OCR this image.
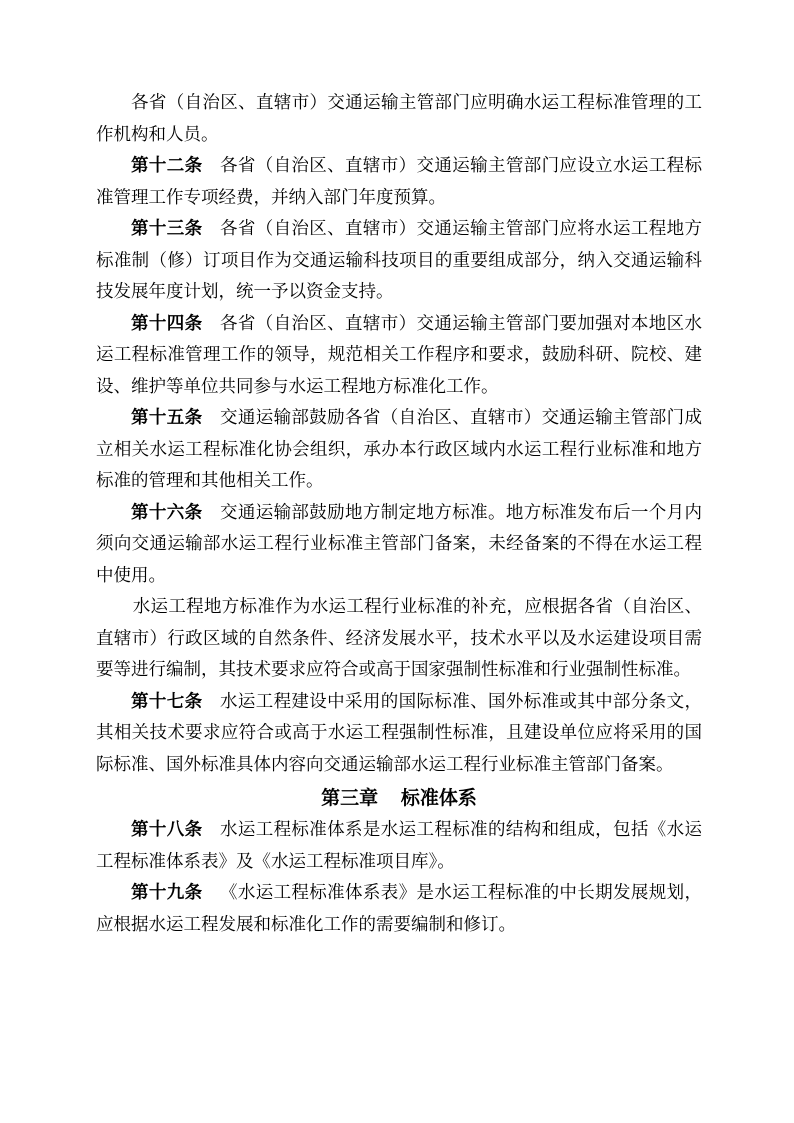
各省（自治区、直辖市）交通运输主管部门应明确水运工程标准管理的工作机构和人员。

第十二条 各省（自治区、直辖市）交通运输主管部门应设立水运工程标准管理工作专项经费，并纳入部门年度预算。

第十三条 各省（自治区、直辖市）交通运输主管部门应将水运工程地方标准制（修）订项目作为交通运输科技项目的重要组成部分，纳入交通运输科技发展年度计划，统一予以资金支持。

第十四条 各省（自治区、直辖市）交通运输主管部门要加强对本地区水运工程标准管理工作的领导，规范相关工作程序和要求，鼓励科研、院校、建设、维护等单位共同参与水运工程地方标准化工作。

第十五条 交通运输部鼓励各省（自治区、直辖市）交通运输主管部门成立相关水运工程标准化协会组织，承办本行政区域内水运工程行业标准和地方标准的管理和其他相关工作。

第十六条 交通运输部鼓励地方制定地方标准。地方标准发布后一个月内须向交通运输部水运工程行业标准主管部门备案，未经备案的不得在水运工程中使用。

水运工程地方标准作为水运工程行业标准的补充，应根据各省（自治区、直辖市）行政区域的自然条件、经济发展水平，技术水平以及水运建设项目需要等进行编制，其技术要求应符合或高于国家强制性标准和行业强制性标准。

第十七条 水运工程建设中采用的国际标准、国外标准或其中部分条文，其相关技术要求应符合或高于水运工程强制性标准，且建设单位应将采用的国际标准、国外标准具体内容向交通运输部水运工程行业标准主管部门备案。

第三章 标准体系

第十八条 水运工程标准体系是水运工程标准的结构和组成，包括《水运工程标准体系表》及《水运工程标准项目库》。

第十九条 《水运工程标准体系表》是水运工程标准的中长期发展规划，应根据水运工程发展和标准化工作的需要编制和修订。
